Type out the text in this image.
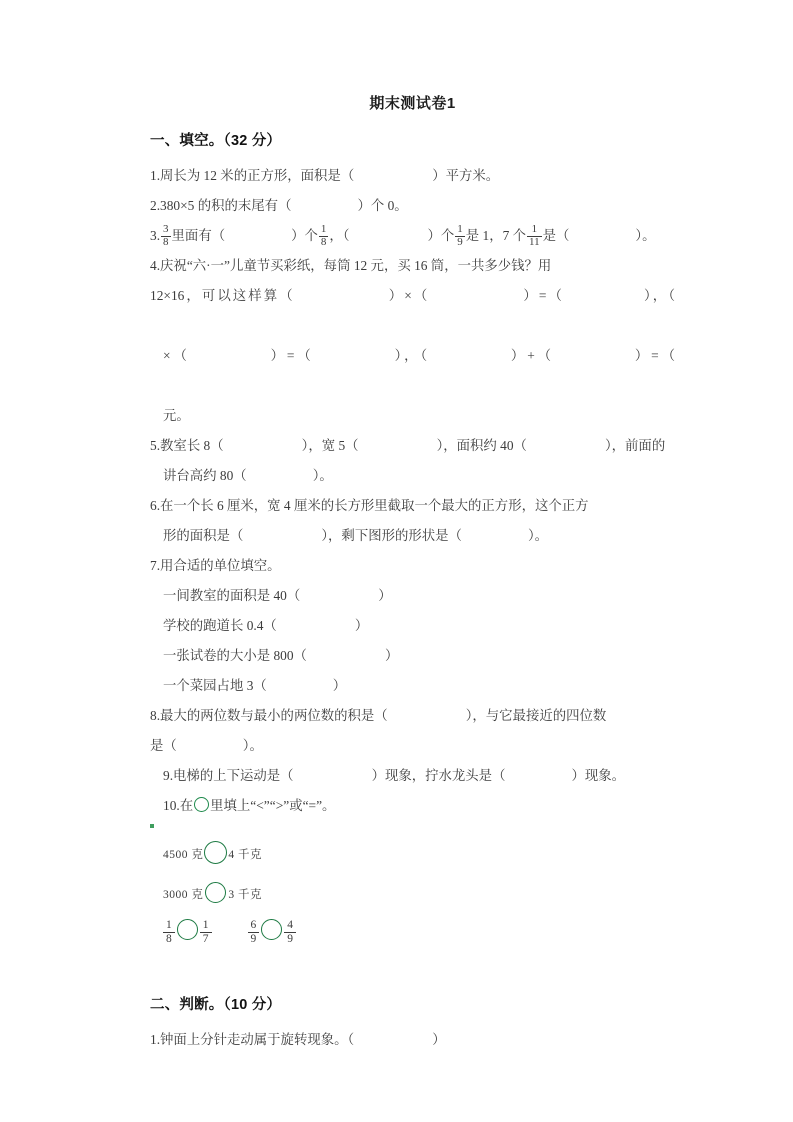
期末测试卷1
一、填空。（32 分）

1.周长为 12 米的正方形，面积是（	）平方米。

2.380×5 的积的末尾有（	）个 0。

3. $\frac{3}{8}$ 里面有（	）个 $\frac{1}{8}$ ，（	）个 $\frac{1}{9}$ 是 1，7 个 $\frac{1}{11}$ 是（	）。

4.庆祝“六·一”儿童节买彩纸，每筒 12 元，买 16 筒，一共多少钱？用

12×16，可以这样算（	）×（	）=（	），（

×（	）=（	），（	）+（	）=（

元。

5.教室长 8（	），宽 5（	），面积约 40（	），前面的

讲台高约 80（	）。

6.在一个长 6 厘米，宽 4 厘米的长方形里截取一个最大的正方形，这个正方

形的面积是（	），剩下图形的形状是（	）。

7.用合适的单位填空。

一间教室的面积是 40（	）

学校的跑道长 0.4（	）

一张试卷的大小是 800（	）

一个菜园占地 3（	）

8.最大的两位数与最小的两位数的积是（	），与它最接近的四位数

是（	）。

9.电梯的上下运动是（	）现象，拧水龙头是（	）现象。

10.在 里填上“<”“>”或“=”。

4500 克 4 千克
3000 克 3 千克
$\frac{1}{8} \frac{1}{7}$	$\frac{6}{9} \frac{4}{9}$
二、判断。（10 分）

1.钟面上分针走动属于旋转现象。（	）
